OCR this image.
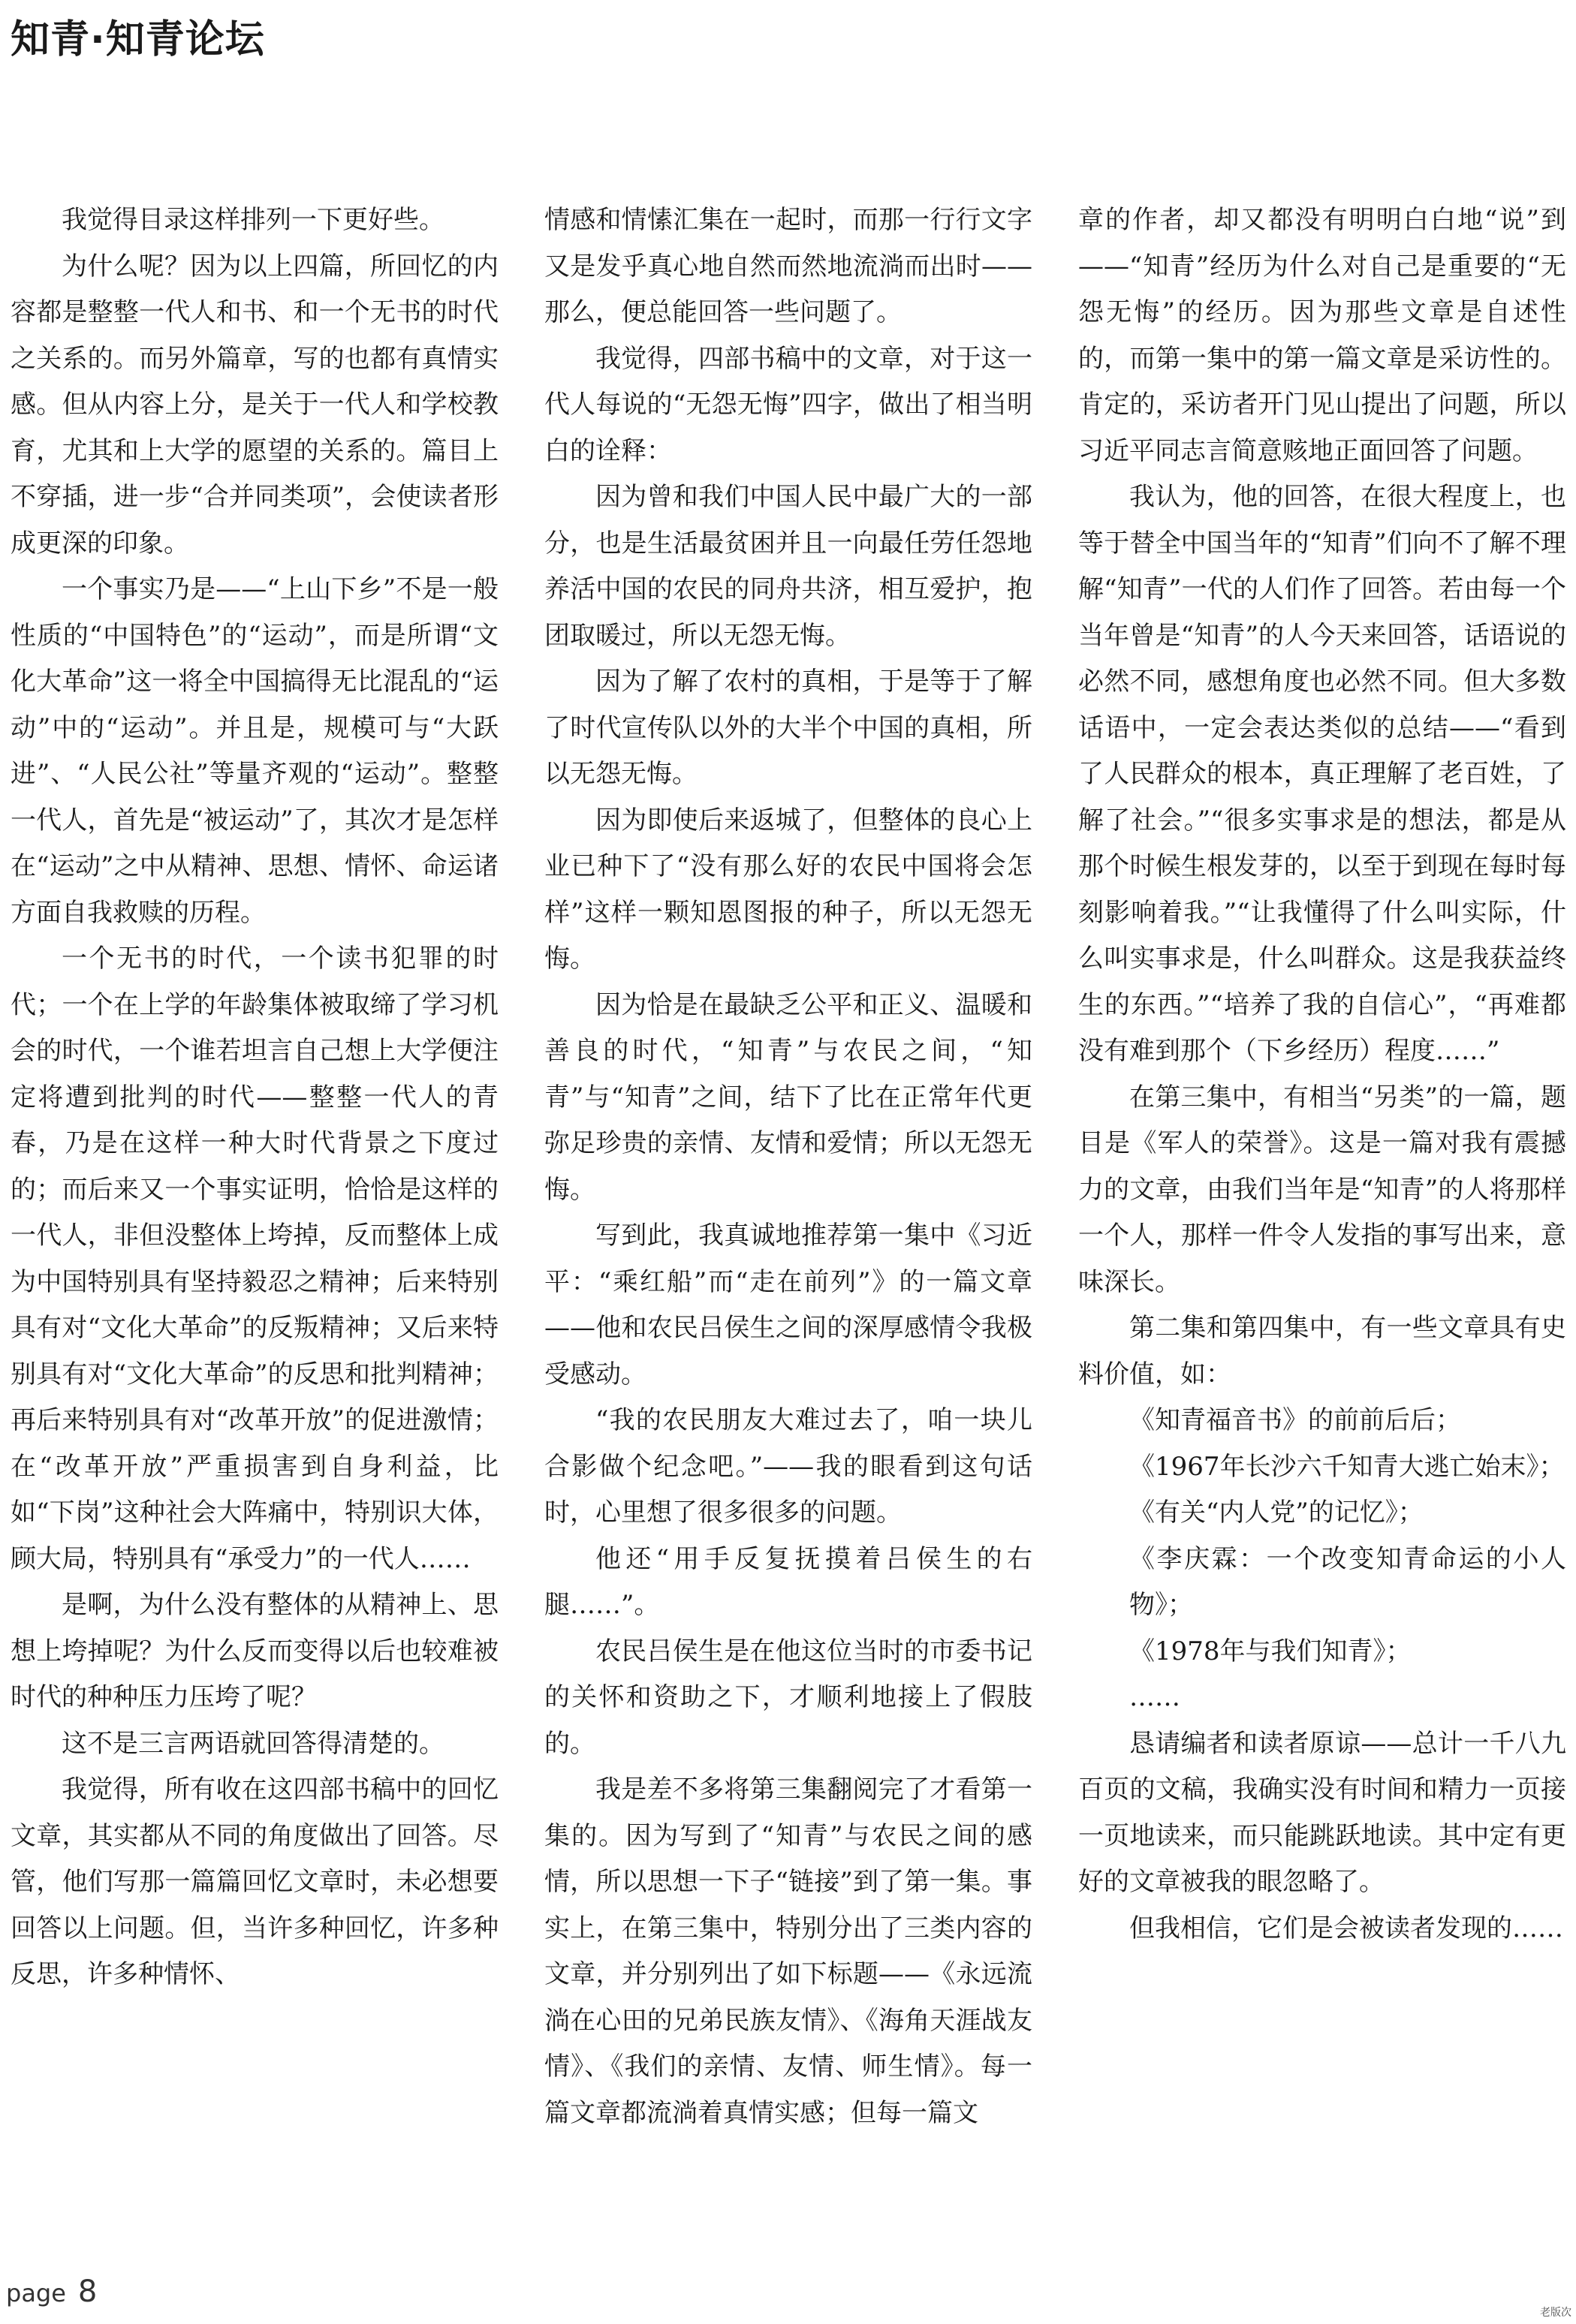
知青·知青论坛

我觉得目录这样排列一下更好些。

为什么呢？因为以上四篇，所回忆的内容都是整整一代人和书、和一个无书的时代之关系的。而另外篇章，写的也都有真情实感。但从内容上分，是关于一代人和学校教育，尤其和上大学的愿望的关系的。篇目上不穿插，进一步“合并同类项”，会使读者形成更深的印象。

一个事实乃是——“上山下乡”不是一般性质的“中国特色”的“运动”，而是所谓“文化大革命”这一将全中国搞得无比混乱的“运动”中的“运动”。并且是，规模可与“大跃进”、“人民公社”等量齐观的“运动”。整整一代人，首先是“被运动”了，其次才是怎样在“运动”之中从精神、思想、情怀、命运诸方面自我救赎的历程。

一个无书的时代，一个读书犯罪的时代；一个在上学的年龄集体被取缔了学习机会的时代，一个谁若坦言自己想上大学便注定将遭到批判的时代——整整一代人的青春，乃是在这样一种大时代背景之下度过的；而后来又一个事实证明，恰恰是这样的一代人，非但没整体上垮掉，反而整体上成为中国特别具有坚持毅忍之精神；后来特别具有对“文化大革命”的反叛精神；又后来特别具有对“文化大革命”的反思和批判精神；再后来特别具有对“改革开放”的促进激情；在“改革开放”严重损害到自身利益，比如“下岗”这种社会大阵痛中，特别识大体，顾大局，特别具有“承受力”的一代人……

是啊，为什么没有整体的从精神上、思想上垮掉呢？为什么反而变得以后也较难被时代的种种压力压垮了呢？

这不是三言两语就回答得清楚的。

我觉得，所有收在这四部书稿中的回忆文章，其实都从不同的角度做出了回答。尽管，他们写那一篇篇回忆文章时，未必想要回答以上问题。但，当许多种回忆，许多种反思，许多种情怀、

情感和情愫汇集在一起时，而那一行行文字又是发乎真心地自然而然地流淌而出时——那么，便总能回答一些问题了。

我觉得，四部书稿中的文章，对于这一代人每说的“无怨无悔”四字，做出了相当明白的诠释：

因为曾和我们中国人民中最广大的一部分，也是生活最贫困并且一向最任劳任怨地养活中国的农民的同舟共济，相互爱护，抱团取暖过，所以无怨无悔。

因为了解了农村的真相，于是等于了解了时代宣传队以外的大半个中国的真相，所以无怨无悔。

因为即使后来返城了，但整体的良心上业已种下了“没有那么好的农民中国将会怎样”这样一颗知恩图报的种子，所以无怨无悔。

因为恰是在最缺乏公平和正义、温暖和善良的时代，“知青”与农民之间，“知青”与“知青”之间，结下了比在正常年代更弥足珍贵的亲情、友情和爱情；所以无怨无悔。

写到此，我真诚地推荐第一集中《习近平：“乘红船”而“走在前列”》的一篇文章——他和农民吕侯生之间的深厚感情令我极受感动。

“我的农民朋友大难过去了，咱一块儿合影做个纪念吧。”——我的眼看到这句话时，心里想了很多很多的问题。

他还“用手反复抚摸着吕侯生的右腿……”。

农民吕侯生是在他这位当时的市委书记的关怀和资助之下，才顺利地接上了假肢的。

我是差不多将第三集翻阅完了才看第一集的。因为写到了“知青”与农民之间的感情，所以思想一下子“链接”到了第一集。事实上，在第三集中，特别分出了三类内容的文章，并分别列出了如下标题——《永远流淌在心田的兄弟民族友情》、《海角天涯战友情》、《我们的亲情、友情、师生情》。每一篇文章都流淌着真情实感；但每一篇文

章的作者，却又都没有明明白白地“说”到——“知青”经历为什么对自己是重要的“无怨无悔”的经历。因为那些文章是自述性的，而第一集中的第一篇文章是采访性的。肯定的，采访者开门见山提出了问题，所以习近平同志言简意赅地正面回答了问题。

我认为，他的回答，在很大程度上，也等于替全中国当年的“知青”们向不了解不理解“知青”一代的人们作了回答。若由每一个当年曾是“知青”的人今天来回答，话语说的必然不同，感想角度也必然不同。但大多数话语中，一定会表达类似的总结——“看到了人民群众的根本，真正理解了老百姓，了解了社会。”“很多实事求是的想法，都是从那个时候生根发芽的，以至于到现在每时每刻影响着我。”“让我懂得了什么叫实际，什么叫实事求是，什么叫群众。这是我获益终生的东西。”“培养了我的自信心”，“再难都没有难到那个（下乡经历）程度……”

在第三集中，有相当“另类”的一篇，题目是《军人的荣誉》。这是一篇对我有震撼力的文章，由我们当年是“知青”的人将那样一个人，那样一件令人发指的事写出来，意味深长。

第二集和第四集中，有一些文章具有史料价值，如：

《知青福音书》的前前后后；

《1967年长沙六千知青大逃亡始末》；

《有关“内人党”的记忆》；

《李庆霖：一个改变知青命运的小人物》；

《1978年与我们知青》；

……

恳请编者和读者原谅——总计一千八九百页的文稿，我确实没有时间和精力一页接一页地读来，而只能跳跃地读。其中定有更好的文章被我的眼忽略了。

但我相信，它们是会被读者发现的……

page 8
老版次
